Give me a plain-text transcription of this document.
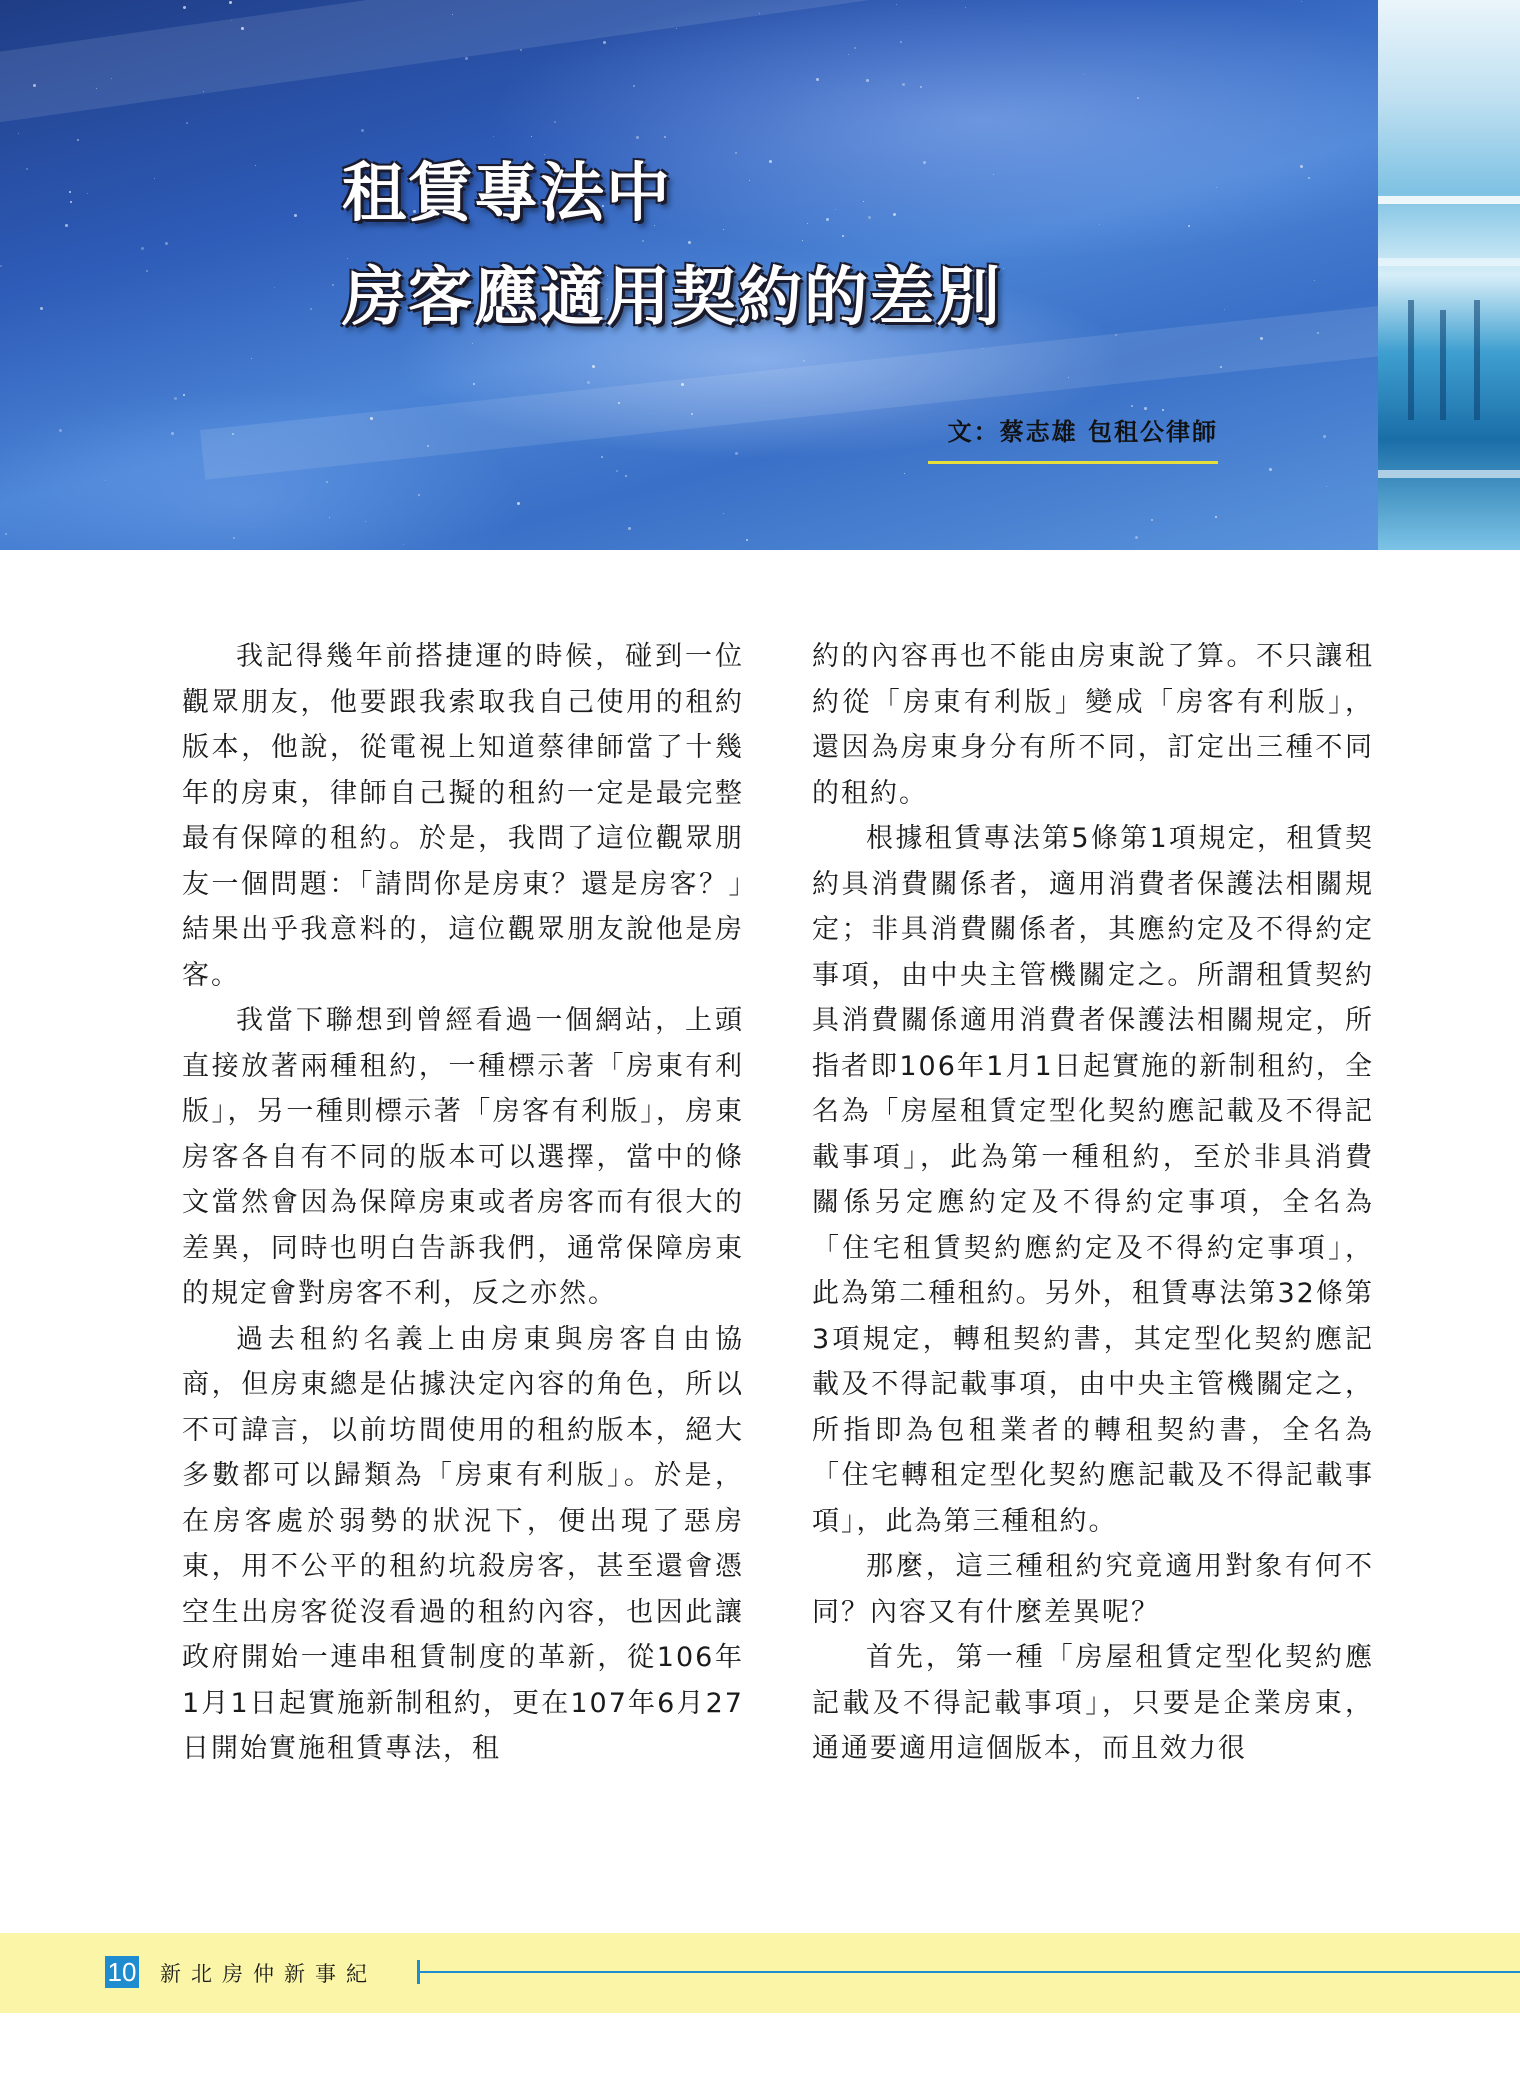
租賃專法中
房客應適用契約的差別
文：蔡志雄 包租公律師

我記得幾年前搭捷運的時候，碰到一位觀眾朋友，他要跟我索取我自己使用的租約版本，他說，從電視上知道蔡律師當了十幾年的房東，律師自己擬的租約一定是最完整最有保障的租約。於是，我問了這位觀眾朋友一個問題：「請問你是房東？還是房客？」結果出乎我意料的，這位觀眾朋友說他是房客。

我當下聯想到曾經看過一個網站，上頭直接放著兩種租約，一種標示著「房東有利版」，另一種則標示著「房客有利版」，房東房客各自有不同的版本可以選擇，當中的條文當然會因為保障房東或者房客而有很大的差異，同時也明白告訴我們，通常保障房東的規定會對房客不利，反之亦然。

過去租約名義上由房東與房客自由協商，但房東總是佔據決定內容的角色，所以不可諱言，以前坊間使用的租約版本，絕大多數都可以歸類為「房東有利版」。於是，在房客處於弱勢的狀況下，便出現了惡房東，用不公平的租約坑殺房客，甚至還會憑空生出房客從沒看過的租約內容，也因此讓政府開始一連串租賃制度的革新，從106年1月1日起實施新制租約，更在107年6月27日開始實施租賃專法，租

約的內容再也不能由房東說了算。不只讓租約從「房東有利版」變成「房客有利版」，還因為房東身分有所不同，訂定出三種不同的租約。

根據租賃專法第5條第1項規定，租賃契約具消費關係者，適用消費者保護法相關規定；非具消費關係者，其應約定及不得約定事項，由中央主管機關定之。所謂租賃契約具消費關係適用消費者保護法相關規定，所指者即106年1月1日起實施的新制租約，全名為「房屋租賃定型化契約應記載及不得記載事項」，此為第一種租約，至於非具消費關係另定應約定及不得約定事項，全名為「住宅租賃契約應約定及不得約定事項」，此為第二種租約。另外，租賃專法第32條第3項規定，轉租契約書，其定型化契約應記載及不得記載事項，由中央主管機關定之，所指即為包租業者的轉租契約書，全名為「住宅轉租定型化契約應記載及不得記載事項」，此為第三種租約。

那麼，這三種租約究竟適用對象有何不同？內容又有什麼差異呢？

首先，第一種「房屋租賃定型化契約應記載及不得記載事項」，只要是企業房東，通通要適用這個版本，而且效力很

10 新北房仲新事紀
